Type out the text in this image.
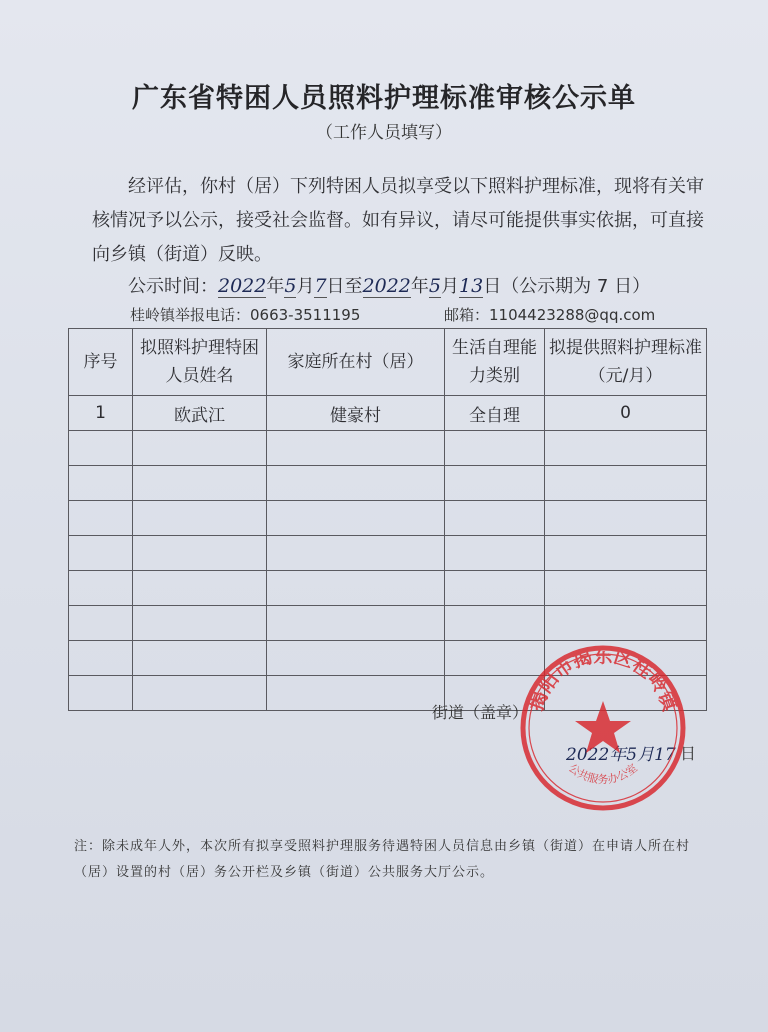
广东省特困人员照料护理标准审核公示单
（工作人员填写）
经评估，你村（居）下列特困人员拟享受以下照料护理标准，现将有关审核情况予以公示，接受社会监督。如有异议，请尽可能提供事实依据，可直接向乡镇（街道）反映。
公示时间：2022年5月7日至2022年5月13日（公示期为 7 日）
桂岭镇举报电话：0663-3511195	邮箱：1104423288@qq.com
序号	拟照料护理特困人员姓名	家庭所在村（居）	生活自理能力类别	拟提供照料护理标准（元/月）
1	欧武江	健豪村	全自理	0

街道（盖章）
2022年5月17 日
揭阳市揭东区桂岭镇
公共服务办公室
注：除未成年人外，本次所有拟享受照料护理服务待遇特困人员信息由乡镇（街道）在申请人所在村（居）设置的村（居）务公开栏及乡镇（街道）公共服务大厅公示。
